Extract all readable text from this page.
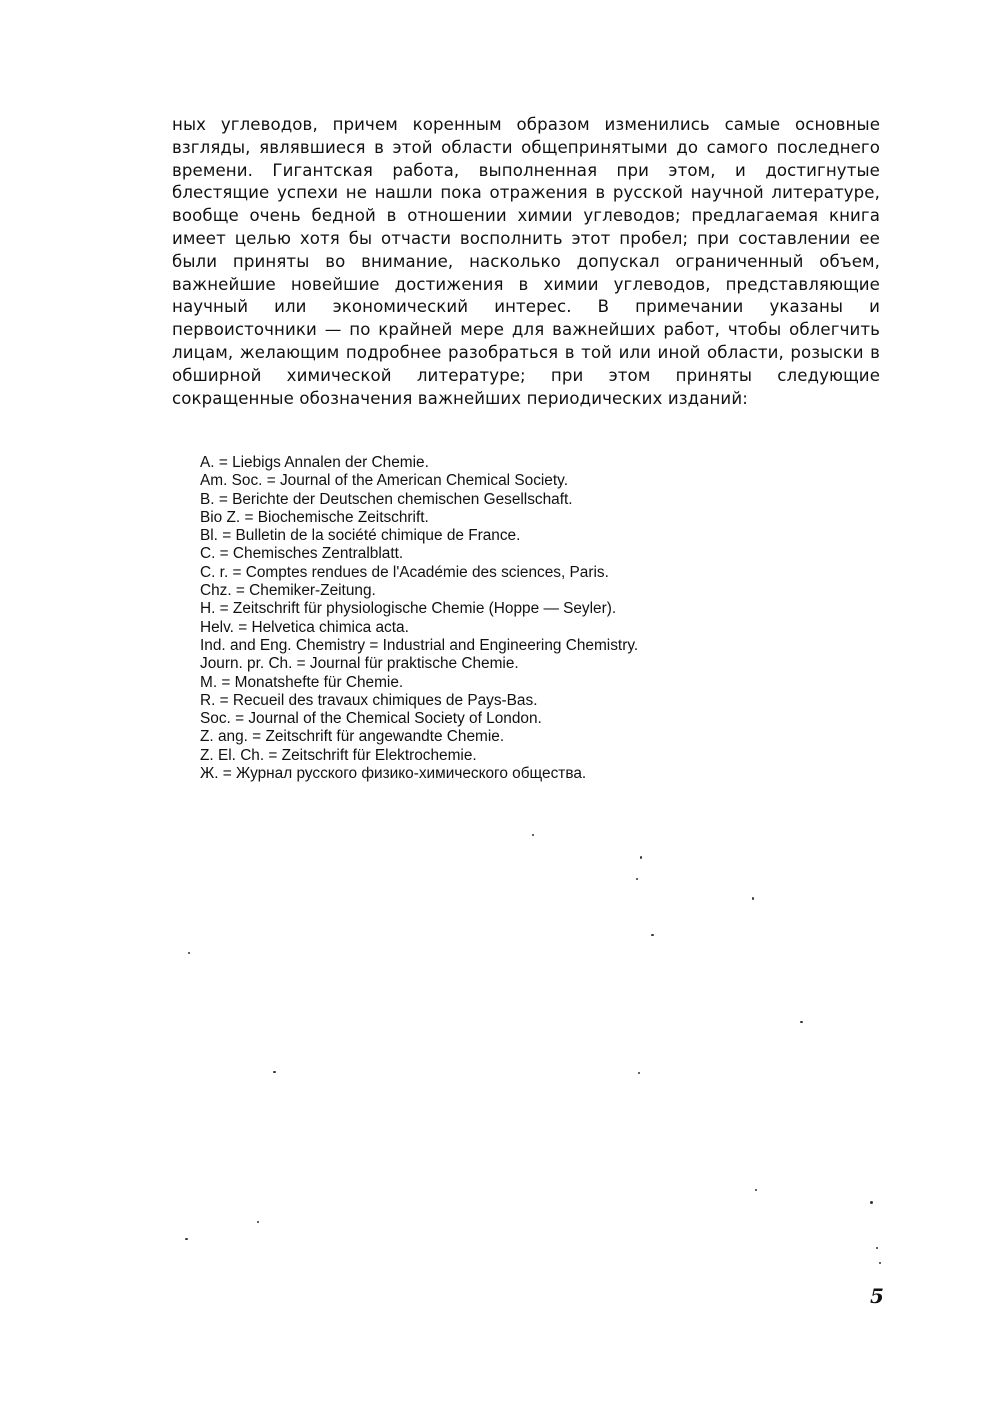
ных углеводов, причем коренным образом изменились самые основные взгляды, являвшиеся в этой области общепринятыми до самого последнего времени. Гигантская работа, выполненная при этом, и достигнутые блестящие успехи не нашли пока отражения в русской научной литературе, вообще очень бедной в отношении химии углеводов; предлагаемая книга имеет целью хотя бы отчасти восполнить этот пробел; при составлении ее были приняты во внимание, насколько допускал ограниченный объем, важнейшие новейшие достижения в химии углеводов, представляющие научный или экономический интерес. В примечании указаны и первоисточники — по крайней мере для важнейших работ, чтобы облегчить лицам, желающим подробнее разобраться в той или иной области, розыски в обширной химической литературе; при этом приняты следующие сокращенные обозначения важнейших периодических изданий:

A. = Liebigs Annalen der Chemie.
Am. Soc. = Journal of the American Chemical Society.
B. = Berichte der Deutschen chemischen Gesellschaft.
Bio Z. = Biochemische Zeitschrift.
Bl. = Bulletin de la société chimique de France.
C. = Chemisches Zentralblatt.
C. r. = Comptes rendues de l'Académie des sciences, Paris.
Chz. = Chemiker-Zeitung.
H. = Zeitschrift für physiologische Chemie (Hoppe — Seyler).
Helv. = Helvetica chimica acta.
Ind. and Eng. Chemistry = Industrial and Engineering Chemistry.
Journ. pr. Ch. = Journal für praktische Chemie.
M. = Monatshefte für Chemie.
R. = Recueil des travaux chimiques de Pays-Bas.
Soc. = Journal of the Chemical Society of London.
Z. ang. = Zeitschrift für angewandte Chemie.
Z. El. Ch. = Zeitschrift für Elektrochemie.
Ж. = Журнал русского физико-химического общества.
5
